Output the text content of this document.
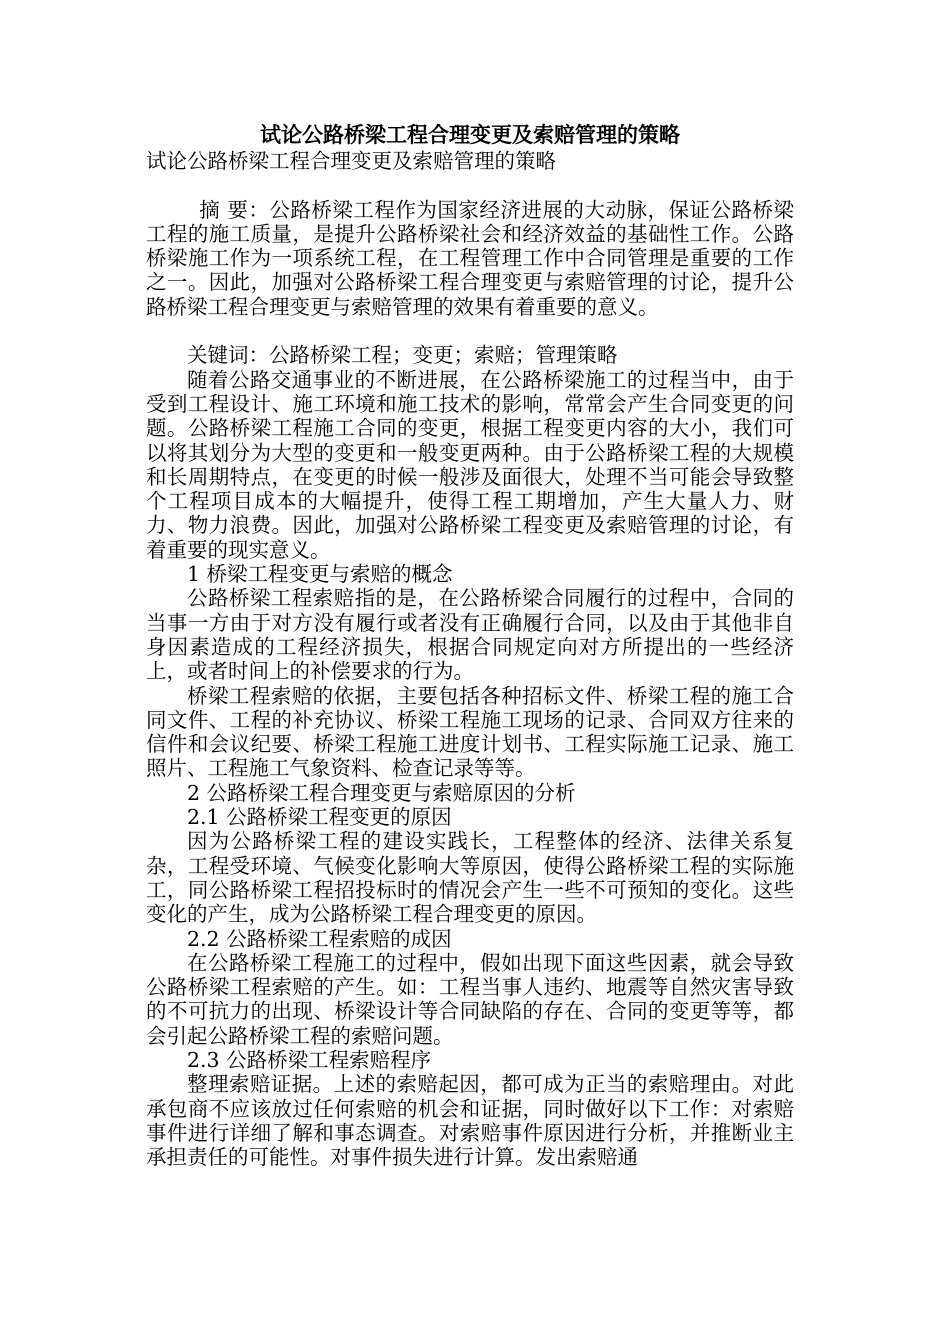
试论公路桥梁工程合理变更及索赔管理的策略

试论公路桥梁工程合理变更及索赔管理的策略

摘 要：公路桥梁工程作为国家经济进展的大动脉，保证公路桥梁工程的施工质量，是提升公路桥梁社会和经济效益的基础性工作。公路桥梁施工作为一项系统工程，在工程管理工作中合同管理是重要的工作之一。因此，加强对公路桥梁工程合理变更与索赔管理的讨论，提升公路桥梁工程合理变更与索赔管理的效果有着重要的意义。

关键词：公路桥梁工程；变更；索赔；管理策略

随着公路交通事业的不断进展，在公路桥梁施工的过程当中，由于受到工程设计、施工环境和施工技术的影响，常常会产生合同变更的问题。公路桥梁工程施工合同的变更，根据工程变更内容的大小，我们可以将其划分为大型的变更和一般变更两种。由于公路桥梁工程的大规模和长周期特点，在变更的时候一般涉及面很大，处理不当可能会导致整个工程项目成本的大幅提升，使得工程工期增加，产生大量人力、财力、物力浪费。因此，加强对公路桥梁工程变更及索赔管理的讨论，有着重要的现实意义。

1 桥梁工程变更与索赔的概念

公路桥梁工程索赔指的是，在公路桥梁合同履行的过程中，合同的当事一方由于对方没有履行或者没有正确履行合同，以及由于其他非自身因素造成的工程经济损失，根据合同规定向对方所提出的一些经济上，或者时间上的补偿要求的行为。

桥梁工程索赔的依据，主要包括各种招标文件、桥梁工程的施工合同文件、工程的补充协议、桥梁工程施工现场的记录、合同双方往来的信件和会议纪要、桥梁工程施工进度计划书、工程实际施工记录、施工照片、工程施工气象资料、检查记录等等。

2 公路桥梁工程合理变更与索赔原因的分析

2.1 公路桥梁工程变更的原因

因为公路桥梁工程的建设实践长，工程整体的经济、法律关系复杂，工程受环境、气候变化影响大等原因，使得公路桥梁工程的实际施工，同公路桥梁工程招投标时的情况会产生一些不可预知的变化。这些变化的产生，成为公路桥梁工程合理变更的原因。

2.2 公路桥梁工程索赔的成因

在公路桥梁工程施工的过程中，假如出现下面这些因素，就会导致公路桥梁工程索赔的产生。如：工程当事人违约、地震等自然灾害导致的不可抗力的出现、桥梁设计等合同缺陷的存在、合同的变更等等，都会引起公路桥梁工程的索赔问题。

2.3 公路桥梁工程索赔程序

整理索赔证据。上述的索赔起因，都可成为正当的索赔理由。对此承包商不应该放过任何索赔的机会和证据，同时做好以下工作：对索赔事件进行详细了解和事态调查。对索赔事件原因进行分析，并推断业主承担责任的可能性。对事件损失进行计算。发出索赔通
